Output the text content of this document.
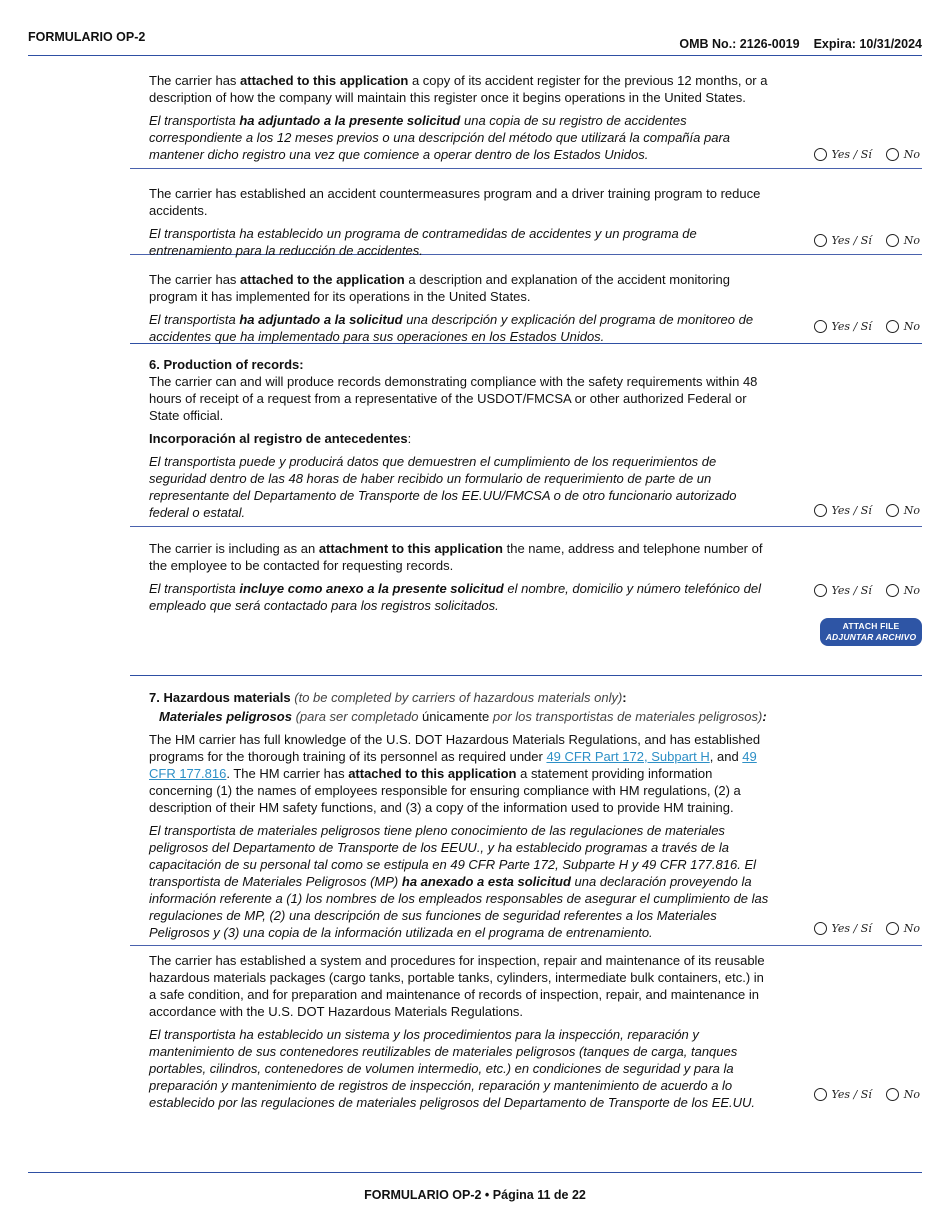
FORMULARIO OP-2	OMB No.: 2126-0019 Expira: 10/31/2024

The carrier has attached to this application a copy of its accident register for the previous 12 months, or a description of how the company will maintain this register once it begins operations in the United States.

El transportista ha adjuntado a la presente solicitud una copia de su registro de accidentes correspondiente a los 12 meses previos o una descripción del método que utilizará la compañía para mantener dicho registro una vez que comience a operar dentro de los Estados Unidos.	Yes / Sí	No

The carrier has established an accident countermeasures program and a driver training program to reduce accidents.

El transportista ha establecido un programa de contramedidas de accidentes y un programa de entrenamiento para la reducción de accidentes.

Yes / Sí	No

The carrier has attached to the application a description and explanation of the accident monitoring program it has implemented for its operations in the United States.

El transportista ha adjuntado a la solicitud una descripción y explicación del programa de monitoreo de accidentes que ha implementado para sus operaciones en los Estados Unidos.

Yes / Sí	No

6. Production of records:

The carrier can and will produce records demonstrating compliance with the safety requirements within 48 hours of receipt of a request from a representative of the USDOT/FMCSA or other authorized Federal or State official.

Incorporación al registro de antecedentes:

El transportista puede y producirá datos que demuestren el cumplimiento de los requerimientos de seguridad dentro de las 48 horas de haber recibido un formulario de requerimiento de parte de un representante del Departamento de Transporte de los EE.UU/FMCSA o de otro funcionario autorizado federal o estatal.	Yes / Sí	No

The carrier is including as an attachment to this application the name, address and telephone number of the employee to be contacted for requesting records.

El transportista incluye como anexo a la presente solicitud el nombre, domicilio y número telefónico del empleado que será contactado para los registros solicitados.

Yes / Sí	No

7. Hazardous materials (to be completed by carriers of hazardous materials only):

Materiales peligrosos (para ser completado únicamente por los transportistas de materiales peligrosos):

The HM carrier has full knowledge of the U.S. DOT Hazardous Materials Regulations, and has established programs for the thorough training of its personnel as required under 49 CFR Part 172, Subpart H, and 49 CFR 177.816. The HM carrier has attached to this application a statement providing information concerning (1) the names of employees responsible for ensuring compliance with HM regulations, (2) a description of their HM safety functions, and (3) a copy of the information used to provide HM training.

El transportista de materiales peligrosos tiene pleno conocimiento de las regulaciones de materiales peligrosos del Departamento de Transporte de los EEUU., y ha establecido programas a través de la capacitación de su personal tal como se estipula en 49 CFR Parte 172, Subparte H y 49 CFR 177.816. El transportista de Materiales Peligrosos (MP) ha anexado a esta solicitud una declaración proveyendo la información referente a (1) los nombres de los empleados responsables de asegurar el cumplimiento de las regulaciones de MP, (2) una descripción de sus funciones de seguridad referentes a los Materiales Peligrosos y (3) una copia de la información utilizada en el programa de entrenamiento.	Yes / Sí	No

The carrier has established a system and procedures for inspection, repair and maintenance of its reusable hazardous materials packages (cargo tanks, portable tanks, cylinders, intermediate bulk containers, etc.) in a safe condition, and for preparation and maintenance of records of inspection, repair, and maintenance in accordance with the U.S. DOT Hazardous Materials Regulations.

El transportista ha establecido un sistema y los procedimientos para la inspección, reparación y mantenimiento de sus contenedores reutilizables de materiales peligrosos (tanques de carga, tanques portables, cilindros, contenedores de volumen intermedio, etc.) en condiciones de seguridad y para la preparación y mantenimiento de registros de inspección, reparación y mantenimiento de acuerdo a lo establecido por las regulaciones de materiales peligrosos del Departamento de Transporte de los EE.UU.

Yes / Sí	No
ATTACH FILE
ADJUNTAR ARCHIVO
FORMULARIO OP-2 • Página 11 de 22
